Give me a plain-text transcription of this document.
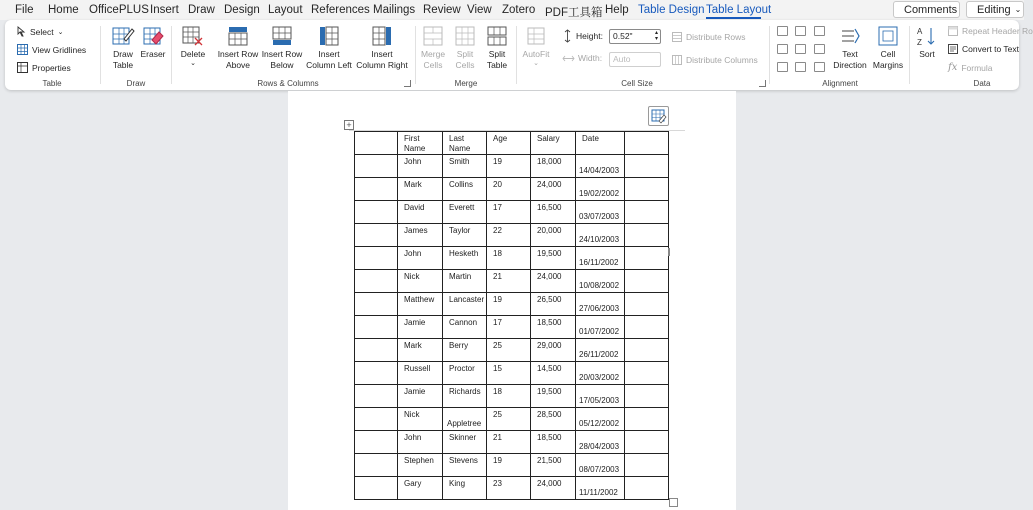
File Home OfficePLUS Insert Draw Design Layout References Mailings Review View Zotero PDF工具箱 Help Table Design Table Layout	Comments Editing ⌄
Select ⌄
View Gridlines
Properties
Table
Draw
Table
Eraser
Draw
Delete
⌄
Insert Row
Above
Insert Row
Below
Insert
Column Left
Insert
Column Right
Rows & Columns
Merge
Cells
Split
Cells
Split
Table
Merge
AutoFit
⌄
Height:	0.52"	▴
▾
Width:	Auto
Distribute Rows
Distribute Columns
Cell Size
Text
Direction
Cell
Margins
Alignment
A
Z
Sort
Repeat Header Ro
Convert to Text
fx Formula
Data
+
	First Name	Last Name	Age	Salary	Date	
	John	Smith	19	18,000	14/04/2003	

	Mark	Collins	20	24,000	19/02/2002	

	David	Everett	17	16,500	03/07/2003	

	James	Taylor	22	20,000	24/10/2003	

	John	Hesketh	18	19,500	16/11/2002	

	Nick	Martin	21	24,000	10/08/2002	

	Matthew	Lancaster	19	26,500	27/06/2003	

	Jamie	Cannon	17	18,500	01/07/2002	

	Mark	Berry	25	29,000	26/11/2002	

	Russell	Proctor	15	14,500	20/03/2002	

	Jamie	Richards	18	19,500	17/05/2003	

	Nick	Appletree	25	28,500	05/12/2002	

	John	Skinner	21	18,500	28/04/2003	

	Stephen	Stevens	19	21,500	08/07/2003	

	Gary	King	23	24,000	11/11/2002	
